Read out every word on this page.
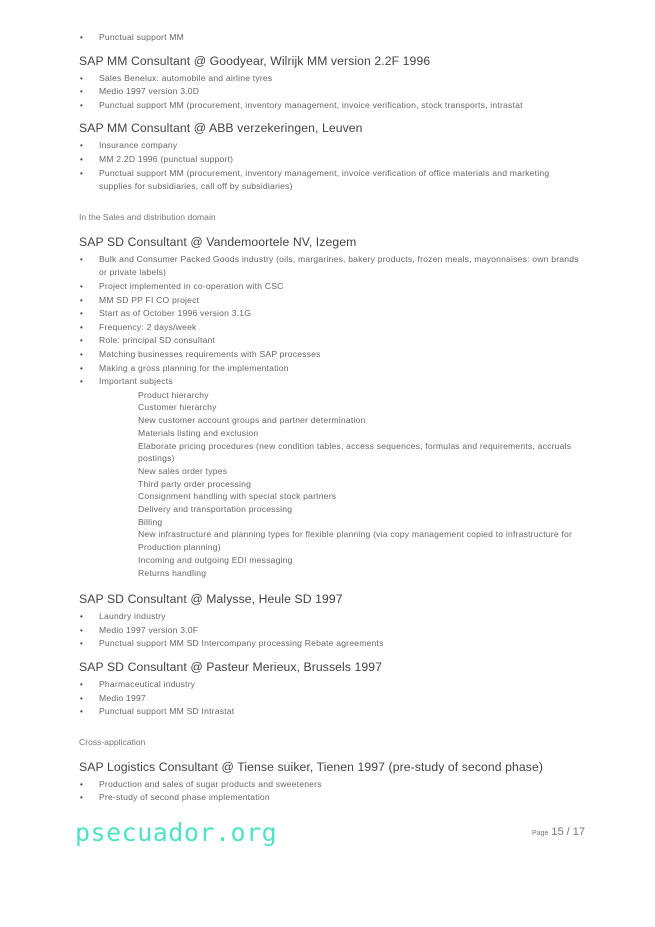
• Punctual support MM
SAP MM Consultant @ Goodyear, Wilrijk MM version 2.2F 1996
• Sales Benelux: automobile and airline tyres
• Medio 1997 version 3.0D
• Punctual support MM (procurement, inventory management, invoice verification, stock transports, intrastat
SAP MM Consultant @ ABB verzekeringen, Leuven
• Insurance company
• MM 2.2D 1996 (punctual support)
• Punctual support MM (procurement, inventory management, invoice verification of office materials and marketing supplies for subsidiaries, call off by subsidiaries)
In the Sales and distribution domain
SAP SD Consultant @ Vandemoortele NV, Izegem
• Bulk and Consumer Packed Goods industry (oils, margarines, bakery products, frozen meals, mayonnaises: own brands or private labels)
• Project implemented in co-operation with CSC
• MM SD PP FI CO project
• Start as of October 1996 version 3.1G
• Frequency: 2 days/week
• Role: principal SD consultant
• Matching businesses requirements with SAP processes
• Making a gross planning for the implementation
• Important subjects
Product hierarchy
Customer hierarchy
New customer account groups and partner determination
Materials listing and exclusion
Elaborate pricing procedures (new condition tables, access sequences, formulas and requirements, accruals postings)
New sales order types
Third party order processing
Consignment handling with special stock partners
Delivery and transportation processing
Billing
New infrastructure and planning types for flexible planning (via copy management copied to infrastructure for Production planning)
Incoming and outgoing EDI messaging
Returns handling
SAP SD Consultant @ Malysse, Heule SD 1997
• Laundry industry
• Medio 1997 version 3.0F
• Punctual support MM SD Intercompany processing Rebate agreements
SAP SD Consultant @ Pasteur Merieux, Brussels 1997
• Pharmaceutical industry
• Medio 1997
• Punctual support MM SD Intrastat
Cross-application
SAP Logistics Consultant @ Tiense suiker, Tienen 1997 (pre-study of second phase)
• Production and sales of sugar products and sweeteners
• Pre-study of second phase implementation
psecuador.org	Page 15 / 17
